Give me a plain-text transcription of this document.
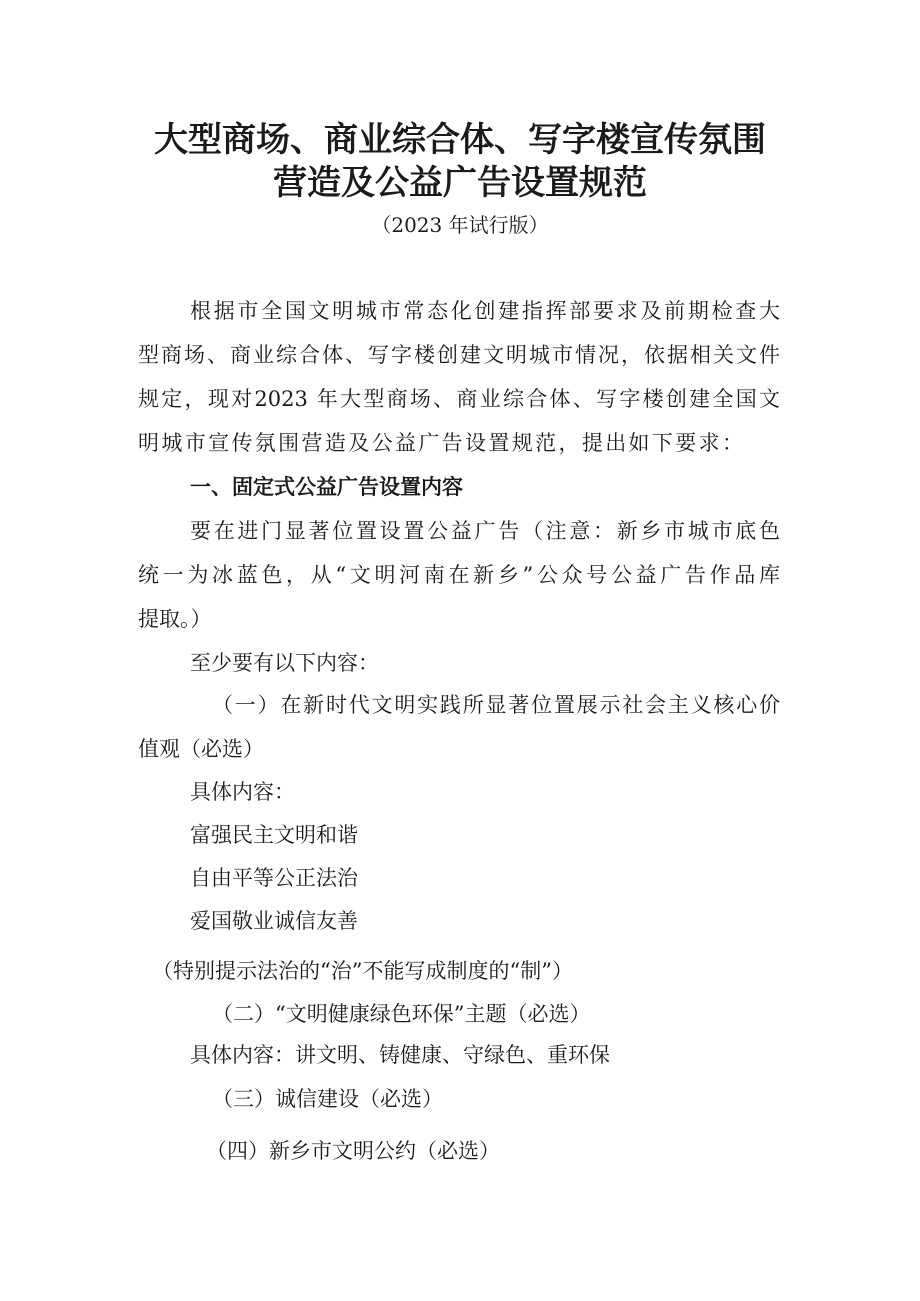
大型商场、商业综合体、写字楼宣传氛围
营造及公益广告设置规范
（2023 年试行版）
根据市全国文明城市常态化创建指挥部要求及前期检查大
型商场、商业综合体、写字楼创建文明城市情况，依据相关文件
规定，现对2023 年大型商场、商业综合体、写字楼创建全国文
明城市宣传氛围营造及公益广告设置规范，提出如下要求：
一、固定式公益广告设置内容
要在进门显著位置设置公益广告（注意：新乡市城市底色
统一为冰蓝色，从“文明河南在新乡”公众号公益广告作品库
提取。）
至少要有以下内容：
（一）在新时代文明实践所显著位置展示社会主义核心价
值观（必选）
具体内容：
富强民主文明和谐
自由平等公正法治
爱国敬业诚信友善
（特别提示法治的“治”不能写成制度的“制”）
（二）“文明健康绿色环保”主题（必选）
具体内容：讲文明、铸健康、守绿色、重环保
（三）诚信建设（必选）
（四）新乡市文明公约（必选）
